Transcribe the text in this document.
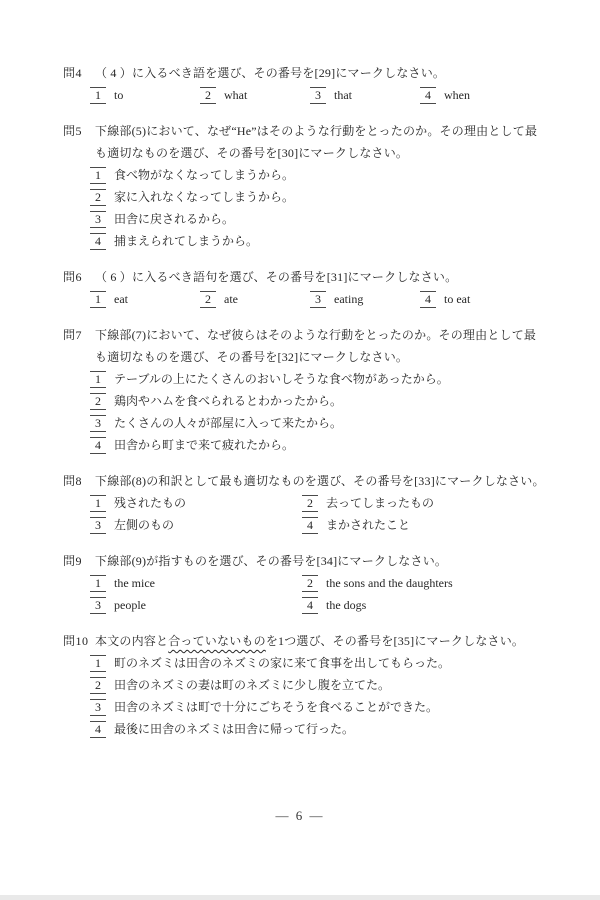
問4	（ 4 ）に入るべき語を選び、その番号を[29]にマークしなさい。
1 to	2 what	3 that	4 when
問5	下線部(5)において、なぜ“He”はそのような行動をとったのか。その理由として最も適切なものを選び、その番号を[30]にマークしなさい。
1 食べ物がなくなってしまうから。
2 家に入れなくなってしまうから。
3 田舎に戻されるから。
4 捕まえられてしまうから。
問6	（ 6 ）に入るべき語句を選び、その番号を[31]にマークしなさい。
1 eat	2 ate	3 eating	4 to eat
問7	下線部(7)において、なぜ彼らはそのような行動をとったのか。その理由として最も適切なものを選び、その番号を[32]にマークしなさい。
1 テーブルの上にたくさんのおいしそうな食べ物があったから。
2 鶏肉やハムを食べられるとわかったから。
3 たくさんの人々が部屋に入って来たから。
4 田舎から町まで来て疲れたから。
問8	下線部(8)の和訳として最も適切なものを選び、その番号を[33]にマークしなさい。
1 残されたもの	2 去ってしまったもの
3 左側のもの	4 まかされたこと
問9	下線部(9)が指すものを選び、その番号を[34]にマークしなさい。
1 the mice	2 the sons and the daughters
3 people	4 the dogs
問10 本文の内容と合っていないものを1つ選び、その番号を[35]にマークしなさい。
1 町のネズミは田舎のネズミの家に来て食事を出してもらった。
2 田舎のネズミの妻は町のネズミに少し腹を立てた。
3 田舎のネズミは町で十分にごちそうを食べることができた。
4 最後に田舎のネズミは田舎に帰って行った。
— 6 —
